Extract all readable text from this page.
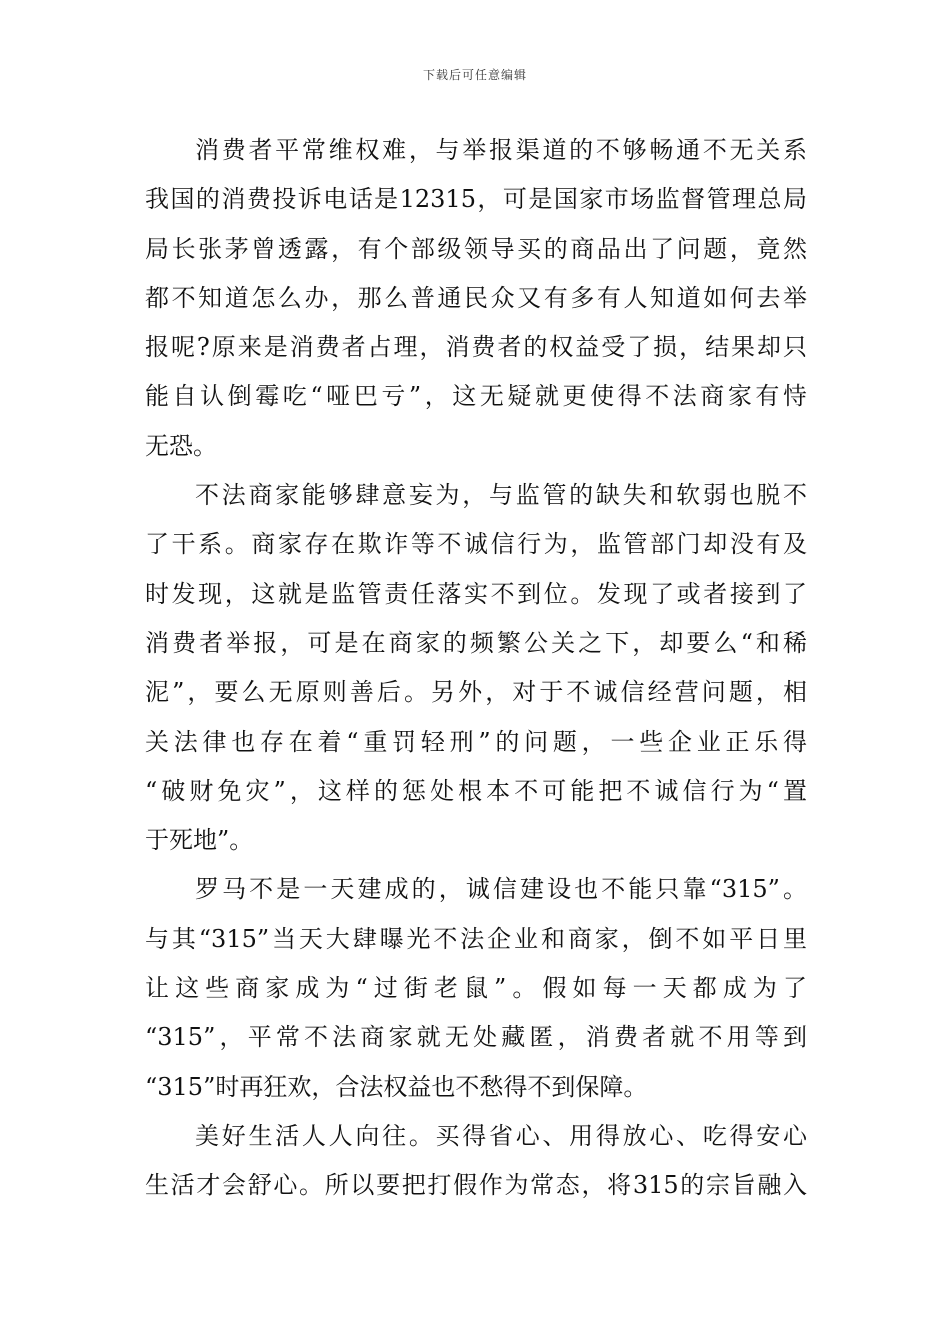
下载后可任意编辑
消费者平常维权难，与举报渠道的不够畅通不无关系
我国的消费投诉电话是12315，可是国家市场监督管理总局
局长张茅曾透露，有个部级领导买的商品出了问题，竟然
都不知道怎么办，那么普通民众又有多有人知道如何去举
报呢?原来是消费者占理，消费者的权益受了损，结果却只
能自认倒霉吃“哑巴亏”，这无疑就更使得不法商家有恃
无恐。
不法商家能够肆意妄为，与监管的缺失和软弱也脱不
了干系。商家存在欺诈等不诚信行为，监管部门却没有及
时发现，这就是监管责任落实不到位。发现了或者接到了
消费者举报，可是在商家的频繁公关之下，却要么“和稀
泥”，要么无原则善后。另外，对于不诚信经营问题，相
关法律也存在着“重罚轻刑”的问题，一些企业正乐得
“破财免灾”，这样的惩处根本不可能把不诚信行为“置
于死地”。
罗马不是一天建成的，诚信建设也不能只靠“315”。
与其“315”当天大肆曝光不法企业和商家，倒不如平日里
让这些商家成为“过街老鼠”。假如每一天都成为了
“315”，平常不法商家就无处藏匿，消费者就不用等到
“315”时再狂欢，合法权益也不愁得不到保障。
美好生活人人向往。买得省心、用得放心、吃得安心
生活才会舒心。所以要把打假作为常态，将315的宗旨融入
